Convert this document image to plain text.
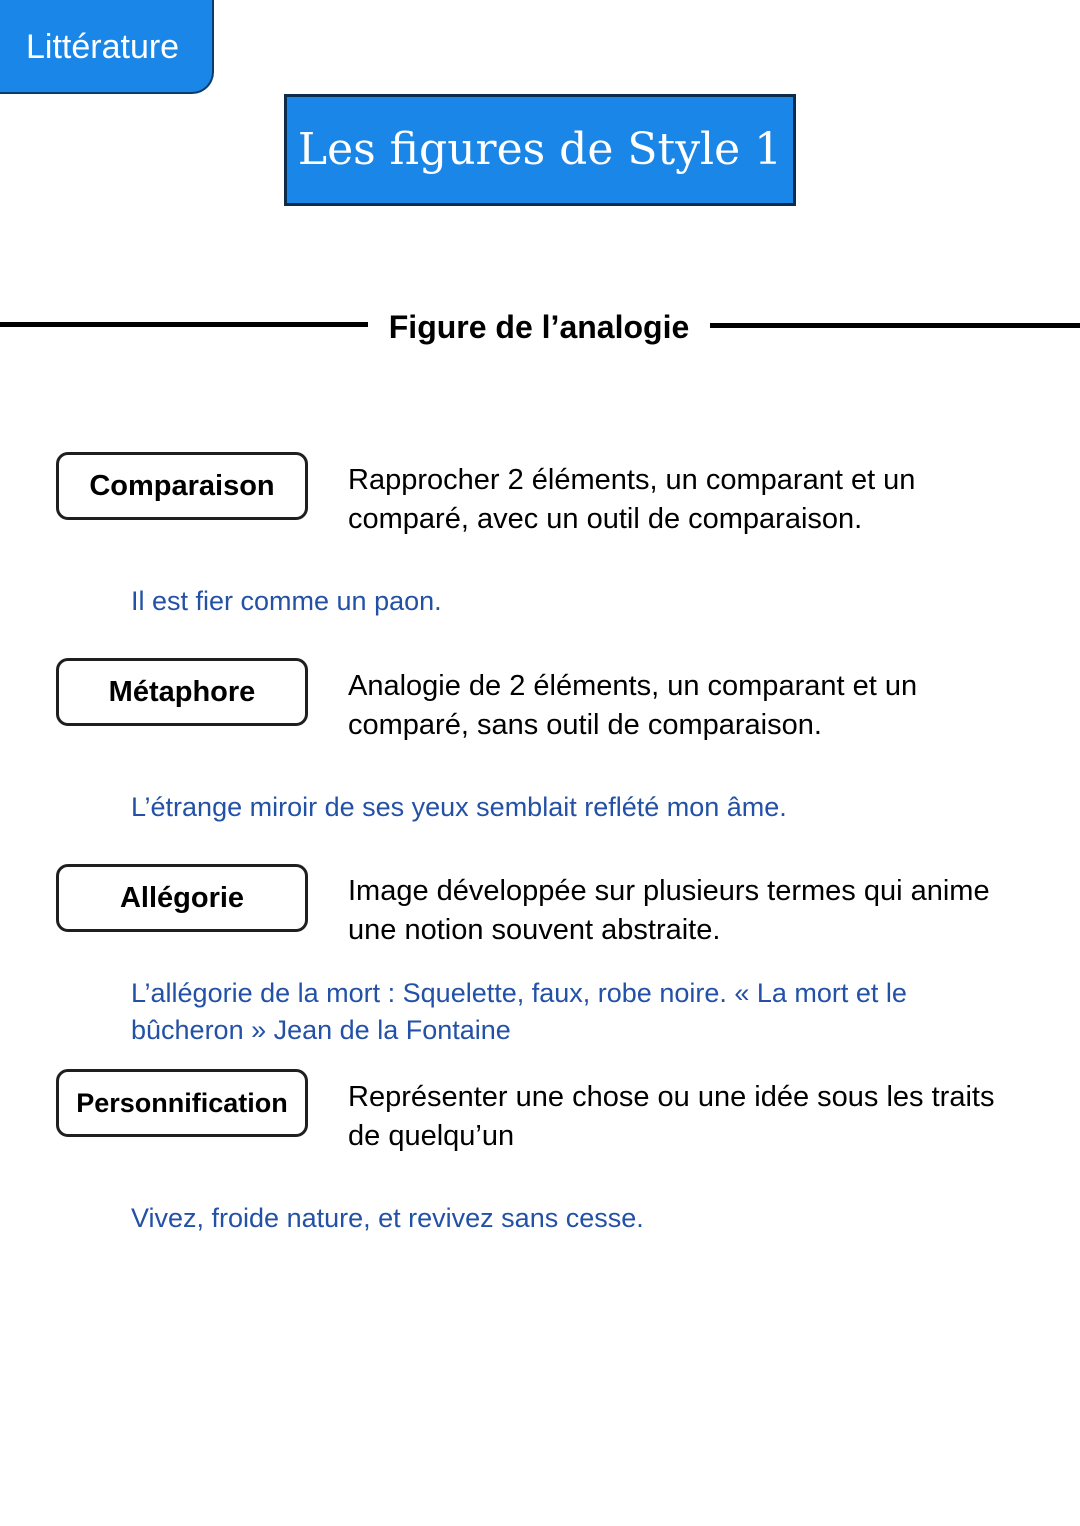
Littérature
Les figures de Style 1
Figure de l’analogie
Comparaison	Rapprocher 2 éléments, un comparant et un comparé, avec un outil de comparaison.
Il est fier comme un paon.
Métaphore	Analogie de 2 éléments, un comparant et un comparé, sans outil de comparaison.
L’étrange miroir de ses yeux semblait reflété mon âme.
Allégorie	Image développée sur plusieurs termes qui anime une notion souvent abstraite.
L’allégorie de la mort : Squelette, faux, robe noire. « La mort et le bûcheron » Jean de la Fontaine
Personnification	Représenter une chose ou une idée sous les traits de quelqu’un
Vivez, froide nature, et revivez sans cesse.
